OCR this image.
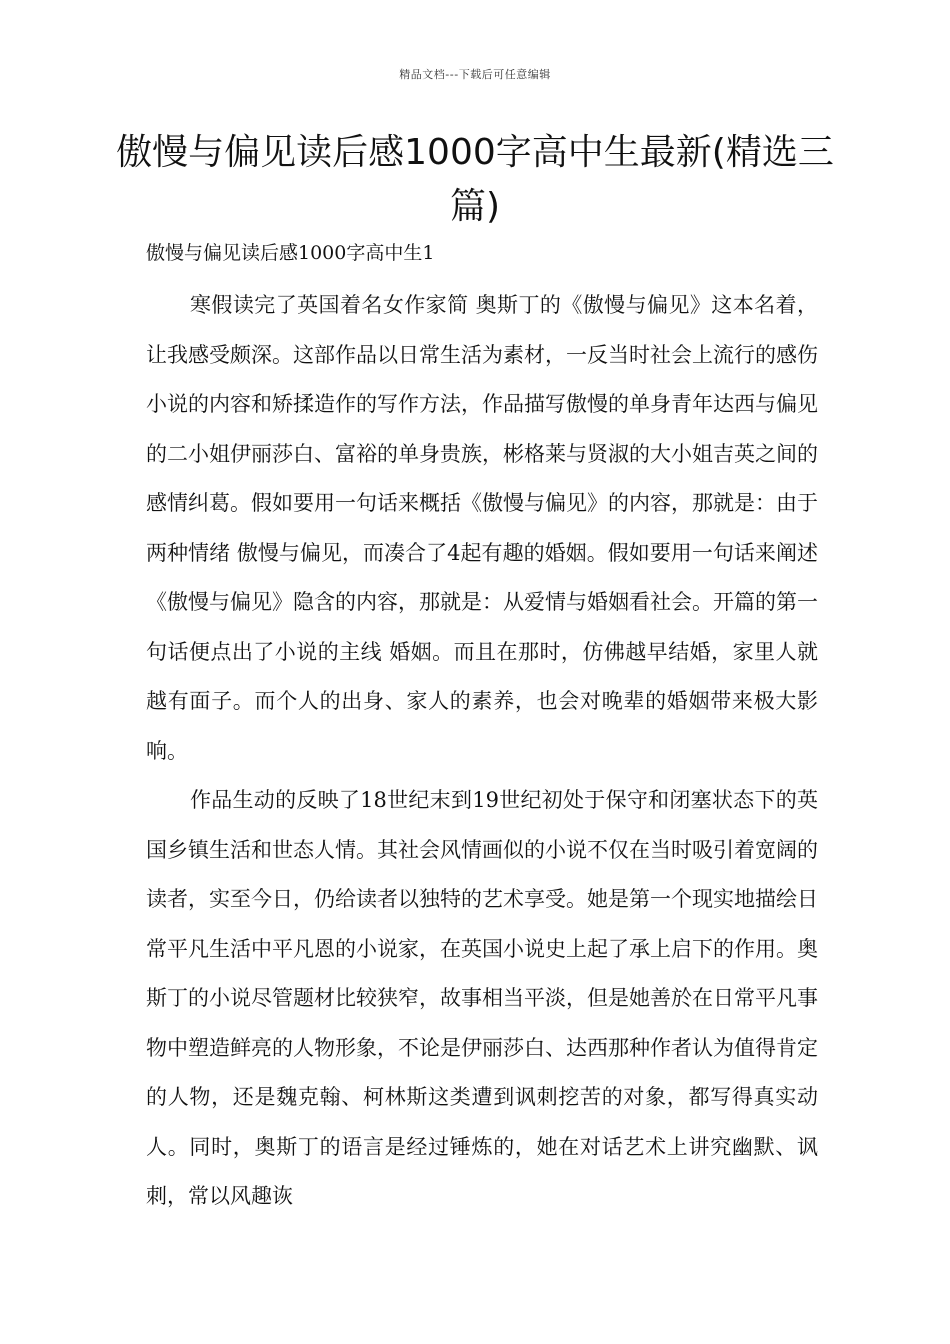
精品文档---下载后可任意编辑
傲慢与偏见读后感1000字高中生最新(精选三篇)
傲慢与偏见读后感1000字高中生1

寒假读完了英国着名女作家简 奥斯丁的《傲慢与偏见》这本名着，让我感受颇深。这部作品以日常生活为素材，一反当时社会上流行的感伤小说的内容和矫揉造作的写作方法，作品描写傲慢的单身青年达西与偏见的二小姐伊丽莎白、富裕的单身贵族，彬格莱与贤淑的大小姐吉英之间的感情纠葛。假如要用一句话来概括《傲慢与偏见》的内容，那就是：由于两种情绪 傲慢与偏见，而凑合了4起有趣的婚姻。假如要用一句话来阐述《傲慢与偏见》隐含的内容，那就是：从爱情与婚姻看社会。开篇的第一句话便点出了小说的主线 婚姻。而且在那时，仿佛越早结婚，家里人就越有面子。而个人的出身、家人的素养，也会对晚辈的婚姻带来极大影响。

作品生动的反映了18世纪末到19世纪初处于保守和闭塞状态下的英国乡镇生活和世态人情。其社会风情画似的小说不仅在当时吸引着宽阔的读者，实至今日，仍给读者以独特的艺术享受。她是第一个现实地描绘日常平凡生活中平凡恩的小说家，在英国小说史上起了承上启下的作用。奥斯丁的小说尽管题材比较狭窄，故事相当平淡，但是她善於在日常平凡事物中塑造鲜亮的人物形象，不论是伊丽莎白、达西那种作者认为值得肯定的人物，还是魏克翰、柯林斯这类遭到讽刺挖苦的对象，都写得真实动人。同时，奥斯丁的语言是经过锤炼的，她在对话艺术上讲究幽默、讽刺，常以风趣诙
